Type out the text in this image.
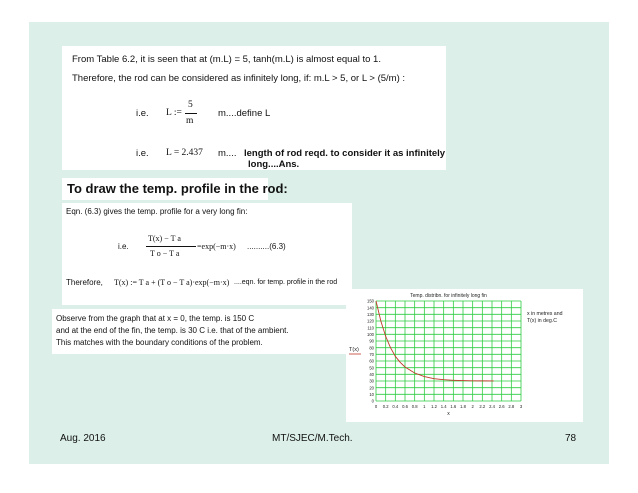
From Table 6.2, it is seen that at (m.L) = 5, tanh(m.L) is almost equal to 1.
Therefore, the rod can be considered as infinitely long, if: m.L > 5, or L > (5/m) :
i.e. L :=
5
m
m....define L
i.e. L = 2.437 m.... length of rod reqd. to consider it as infinitely
long....Ans.
To draw the temp. profile in the rod:
Eqn. (6.3) gives the temp. profile for a very long fin:
i.e.
T(x) − T a
T o − T a
=exp(−m·x) ..........(6.3)
Therefore, T(x) := T a + (T o − T a)·exp(−m·x) ....eqn. for temp. profile in the rod
Observe from the graph that at x = 0, the temp. is 150 C
and at the end of the fin, the temp. is 30 C i.e. that of the ambient.
This matches with the boundary conditions of the problem.
0 0.2 0.4 0.6 0.8 1 1.2 1.4 1.6 1.8 2 2.2 2.4 2.6 2.8 3
0
10
20
30
40
50
60
70
80
90
100
110
120
130
140
150
Temp. distribn. for infinitely long fin
x
T(x)
x in metres and
T(x) in deg.C
Aug. 2016	MT/SJEC/M.Tech.	78
